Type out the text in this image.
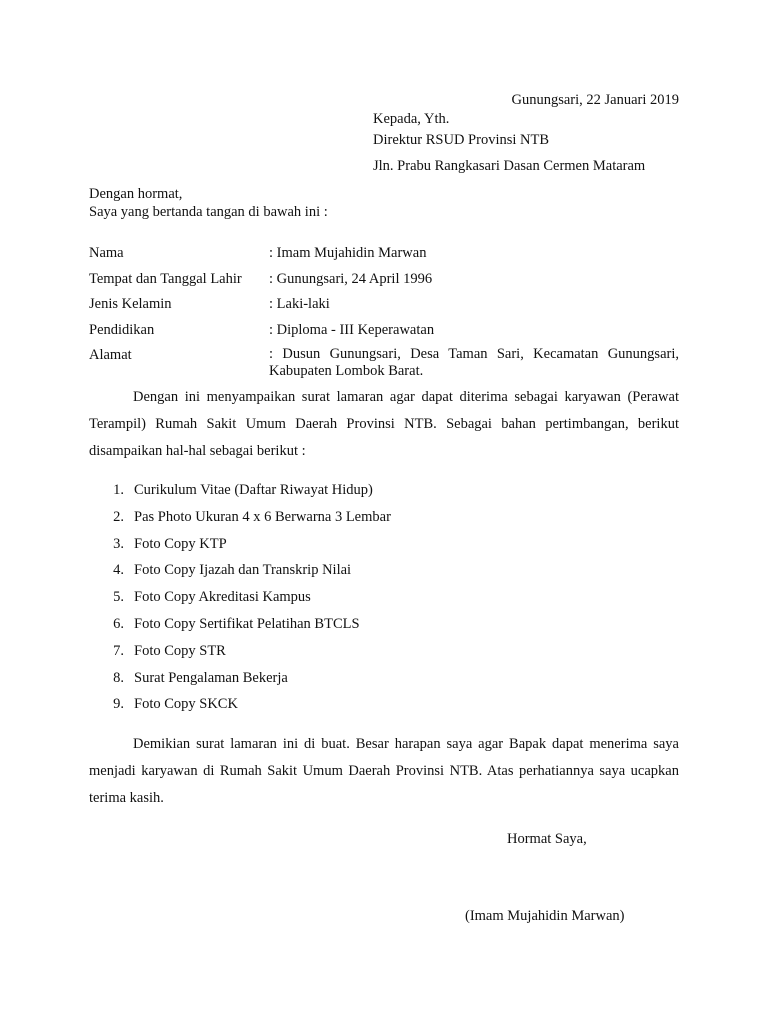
Gunungsari, 22 Januari 2019
Kepada, Yth.
Direktur RSUD Provinsi NTB
Jln. Prabu Rangkasari Dasan Cermen Mataram
Dengan hormat,
Saya yang bertanda tangan di bawah ini :
Nama	: Imam Mujahidin Marwan
Tempat dan Tanggal Lahir : Gunungsari, 24 April 1996
Jenis Kelamin	: Laki-laki
Pendidikan	: Diploma - III Keperawatan
Alamat	: Dusun Gunungsari, Desa Taman Sari, Kecamatan Gunungsari, Kabupaten Lombok Barat.
Dengan ini menyampaikan surat lamaran agar dapat diterima sebagai karyawan (Perawat Terampil) Rumah Sakit Umum Daerah Provinsi NTB. Sebagai bahan pertimbangan, berikut disampaikan hal-hal sebagai berikut :
1. Curikulum Vitae (Daftar Riwayat Hidup)
2. Pas Photo Ukuran 4 x 6 Berwarna 3 Lembar
3. Foto Copy KTP
4. Foto Copy Ijazah dan Transkrip Nilai
5. Foto Copy Akreditasi Kampus
6. Foto Copy Sertifikat Pelatihan BTCLS
7. Foto Copy STR
8. Surat Pengalaman Bekerja
9. Foto Copy SKCK
Demikian surat lamaran ini di buat. Besar harapan saya agar Bapak dapat menerima saya menjadi karyawan di Rumah Sakit Umum Daerah Provinsi NTB. Atas perhatiannya saya ucapkan terima kasih.
Hormat Saya,
(Imam Mujahidin Marwan)
